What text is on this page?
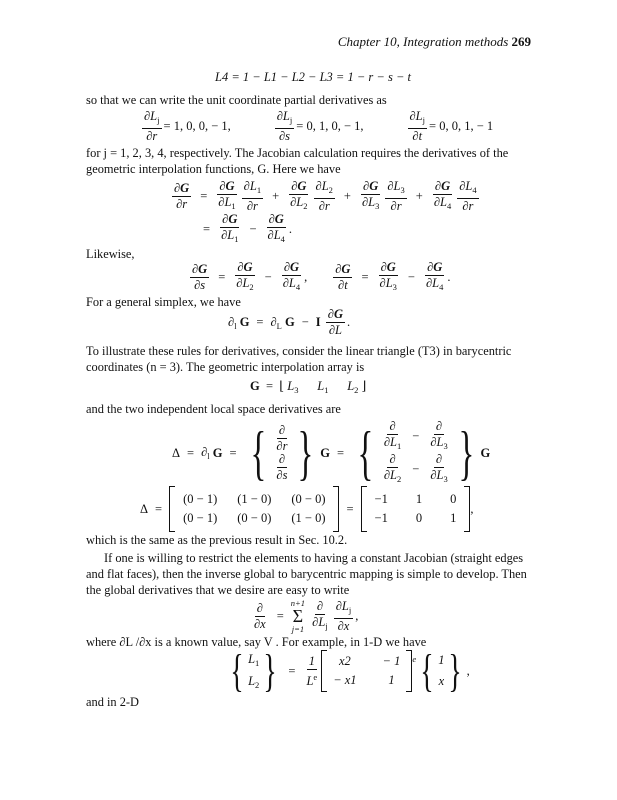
Chapter 10, Integration methods 269
L4 = 1 − L1 − L2 − L3 = 1 − r − s − t
so that we can write the unit coordinate partial derivatives as
$\frac{\partial L_j}{\partial r} = 1$, 0, 0, − 1,	$\frac{\partial L_j}{\partial s} = 0$, 1, 0, − 1,	$\frac{\partial L_j}{\partial t} = 0$, 0, 1, − 1
for j = 1, 2, 3, 4, respectively. The Jacobian calculation requires the derivatives of the
geometric interpolation functions, G. Here we have
$\frac{\partial G}{\partial r} = \frac{\partial G}{\partial L_1} \frac{\partial L_1}{\partial r} + \frac{\partial G}{\partial L_2} \frac{\partial L_2}{\partial r} + \frac{\partial G}{\partial L_3} \frac{\partial L_3}{\partial r} + \frac{\partial G}{\partial L_4} \frac{\partial L_4}{\partial r}$
= $\frac{\partial G}{\partial L_1} - \frac{\partial G}{\partial L_4}$ .
Likewise,
$\frac{\partial G}{\partial s} = \frac{\partial G}{\partial L_2} - \frac{\partial G}{\partial L_4}$ , $\frac{\partial G}{\partial t} = \frac{\partial G}{\partial L_3} - \frac{\partial G}{\partial L_4}$ .
For a general simplex, we have
$\partial_l$
$G = \partial_L$
G − I
$\frac{\partial G}{\partial L}$ .
To illustrate these rules for derivatives, consider the linear triangle (T3) in barycentric
coordinates (n = 3). The geometric interpolation array is
G  =  ⌊ $L_3$ $L_1$ $L_2$ ⌋
and the two independent local space derivatives are
$\Delta = \partial_l$
G = { $\frac{\partial}{\partial r}$
$\frac{\partial}{\partial s}$ } G = { $\frac{\partial}{\partial L_1} - \frac{\partial}{\partial L_3}$
$\frac{\partial}{\partial L_2} - \frac{\partial}{\partial L_3}$ } G
Δ =
(0 − 1) (1 − 0) (0 − 0)
(0 − 1) (0 − 0) (1 − 0)
=
−1 1 0
−1 0 1
,
which is the same as the previous result in Sec. 10.2.
If one is willing to restrict the elements to having a constant Jacobian (straight edges
and flat faces), then the inverse global to barycentric mapping is simple to develop. Then
the global derivatives that we desire are easy to write
$\frac{\partial}{\partial x}$ =
n+1
Σ
j=1
$\frac{\partial}{\partial L_j} \frac{\partial L_j}{\partial x}$ ,
where ∂L /∂x is a known value, say V . For example, in 1-D we have
{ $L_1$
$L_2$ } = $\frac{1}{L^e}$	x2	− 1
− x1	1
e { 1
x } ,
and in 2-D
